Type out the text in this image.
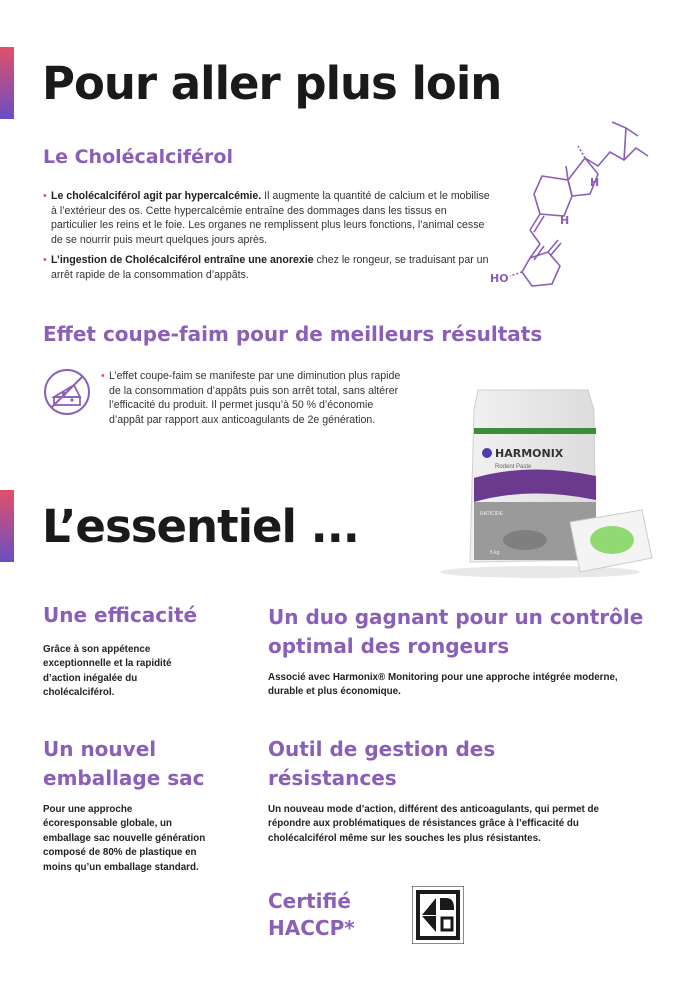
Pour aller plus loin
Le Cholécalciférol

• Le cholécalciférol agit par hypercalcémie. Il augmente la quantité de calcium et le mobilise à l’extérieur des os. Cette hypercalcémie entraîne des dommages dans les tissus en particulier les reins et le foie. Les organes ne remplissent plus leurs fonctions, l’animal cesse de se nourrir puis meurt quelques jours après.

• L’ingestion de Cholécalciférol entraîne une anorexie chez le rongeur, se traduisant par un arrêt rapide de la consommation d’appâts.

H
H
HO
Effet coupe-faim pour de meilleurs résultats

• L’effet coupe-faim se manifeste par une diminution plus rapide de la consommation d’appâts puis son arrêt total, sans altérer l’efficacité du produit. Il permet jusqu’à 50 % d’économie d’appât par rapport aux anticoagulants de 2e génération.

HARMONIX
Rodent Paste
RATICIDE
5 kg
L’essentiel ...
Une efficacité

Grâce à son appétence exceptionnelle et la rapidité d’action inégalée du cholécalciférol.

Un duo gagnant pour un contrôle optimal des rongeurs

Associé avec Harmonix® Monitoring pour une approche intégrée moderne, durable et plus économique.

Un nouvel emballage sac

Pour une approche écoresponsable globale, un emballage sac nouvelle génération composé de 80% de plastique en moins qu’un emballage standard.

Outil de gestion des résistances

Un nouveau mode d’action, différent des anticoagulants, qui permet de répondre aux problématiques de résistances grâce à l’efficacité du cholécalciférol même sur les souches les plus résistantes.

Certifié HACCP*
